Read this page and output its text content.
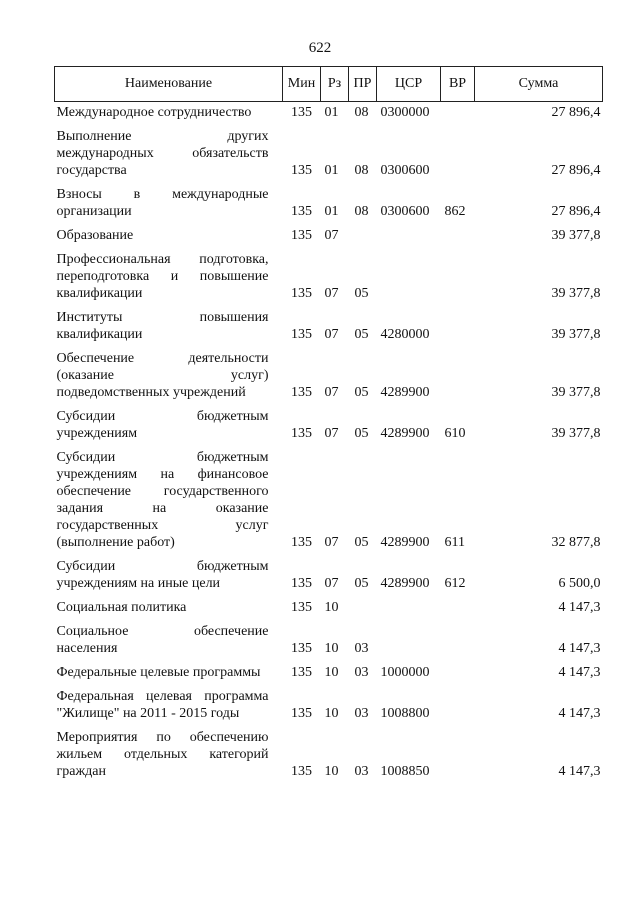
622
Наименование	Мин	Рз	ПР	ЦСР	ВР	Сумма
Международное сотрудничество	135	01	08	0300000		27 896,4
Выполнение других международных обязательств государства	135	01	08	0300600		27 896,4
Взносы в международные организации	135	01	08	0300600	862	27 896,4
Образование	135	07				39 377,8
Профессиональная подготовка, переподготовка и повышение квалификации	135	07	05			39 377,8
Институты повышения квалификации	135	07	05	4280000		39 377,8
Обеспечение деятельности (оказание услуг) подведомственных учреждений	135	07	05	4289900		39 377,8
Субсидии бюджетным учреждениям	135	07	05	4289900	610	39 377,8
Субсидии бюджетным учреждениям на финансовое обеспечение государственного задания на оказание государственных услуг (выполнение работ)	135	07	05	4289900	611	32 877,8
Субсидии бюджетным учреждениям на иные цели	135	07	05	4289900	612	6 500,0
Социальная политика	135	10				4 147,3
Социальное обеспечение населения	135	10	03			4 147,3
Федеральные целевые программы	135	10	03	1000000		4 147,3
Федеральная целевая программа "Жилище" на 2011 - 2015 годы	135	10	03	1008800		4 147,3
Мероприятия по обеспечению жильем отдельных категорий граждан	135	10	03	1008850		4 147,3
